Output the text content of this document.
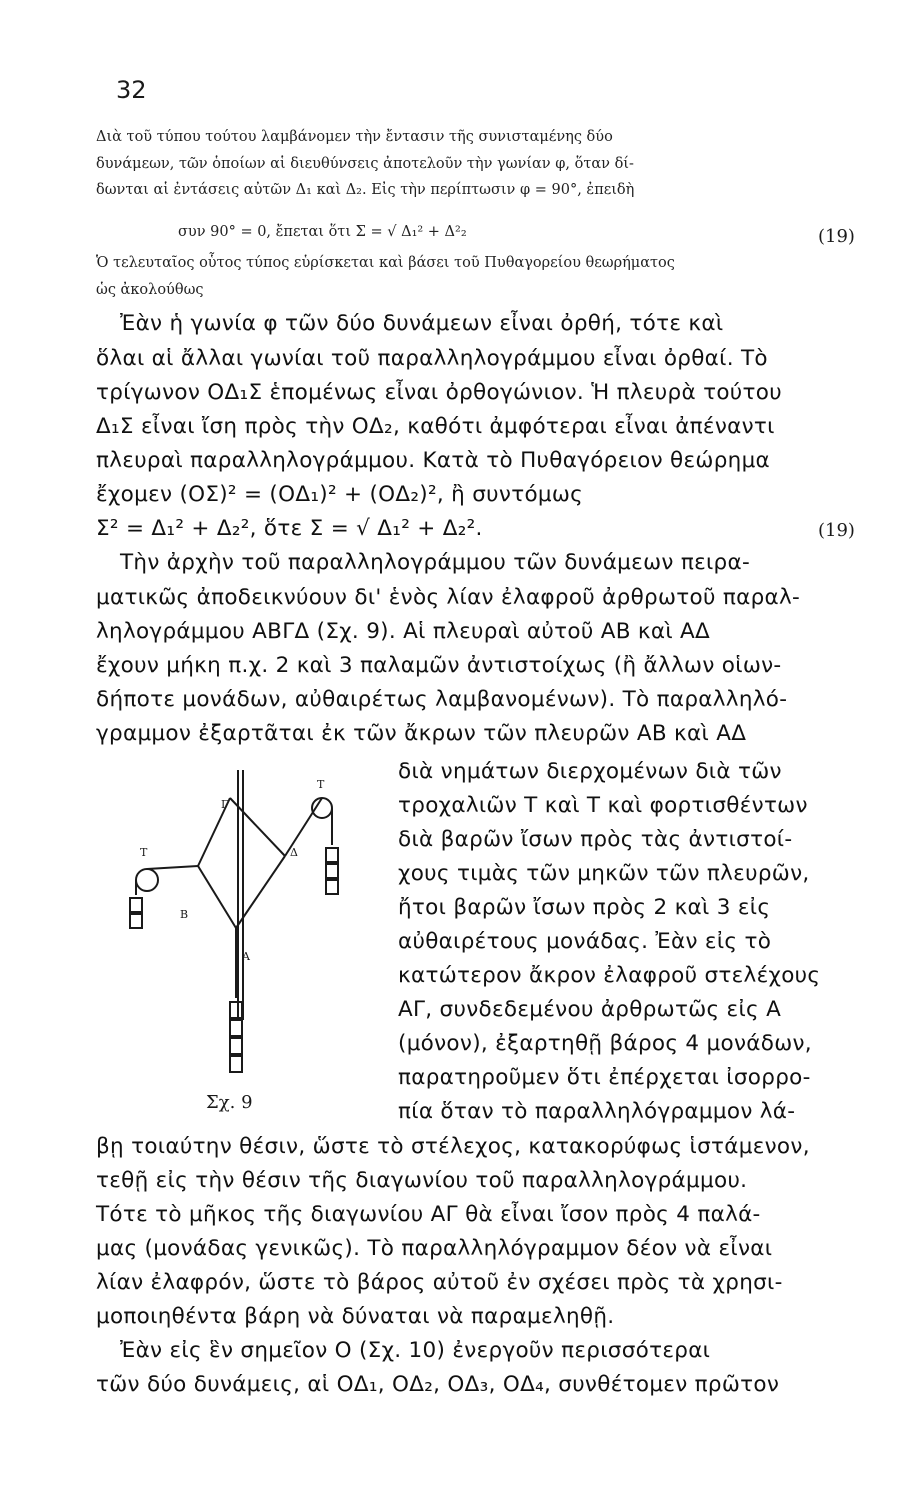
32
Διὰ τοῦ τύπου τούτου λαμβάνομεν τὴν ἔντασιν τῆς συνισταμένης δύο
δυνάμεων, τῶν ὁποίων αἱ διευθύνσεις ἀποτελοῦν τὴν γωνίαν φ, ὅταν δί-
δωνται αἱ ἐντάσεις αὐτῶν Δ₁ καὶ Δ₂. Εἰς τὴν περίπτωσιν φ = 90°, ἐπειδὴ
συν 90° = 0, ἔπεται ὅτι Σ = √ Δ₁² + Δ²₂	(19)
Ὁ τελευταῖος οὗτος τύπος εὑρίσκεται καὶ βάσει τοῦ Πυθαγορείου θεωρήματος
ὡς ἀκολούθως
Ἐὰν ἡ γωνία φ τῶν δύο δυνάμεων εἶναι ὀρθή, τότε καὶ
ὅλαι αἱ ἄλλαι γωνίαι τοῦ παραλληλογράμμου εἶναι ὀρθαί. Τὸ
τρίγωνον ΟΔ₁Σ ἑπομένως εἶναι ὀρθογώνιον. Ἡ πλευρὰ τούτου
Δ₁Σ εἶναι ἴση πρὸς τὴν ΟΔ₂, καθότι ἀμφότεραι εἶναι ἀπέναντι
πλευραὶ παραλληλογράμμου. Κατὰ τὸ Πυθαγόρειον θεώρημα
ἔχομεν (ΟΣ)² = (ΟΔ₁)² + (ΟΔ₂)², ἢ συντόμως
Σ² = Δ₁² + Δ₂², ὅτε Σ = √ Δ₁² + Δ₂².	(19)
Τὴν ἀρχὴν τοῦ παραλληλογράμμου τῶν δυνάμεων πειρα-
ματικῶς ἀποδεικνύουν δι' ἑνὸς λίαν ἐλαφροῦ ἀρθρωτοῦ παραλ-
ληλογράμμου ΑΒΓΔ (Σχ. 9). Αἱ πλευραὶ αὐτοῦ ΑΒ καὶ ΑΔ
ἔχουν μήκη π.χ. 2 καὶ 3 παλαμῶν ἀντιστοίχως (ἢ ἄλλων οἱων-
δήποτε μονάδων, αὐθαιρέτως λαμβανομένων). Τὸ παραλληλό-
γραμμον ἐξαρτᾶται ἐκ τῶν ἄκρων τῶν πλευρῶν ΑΒ καὶ ΑΔ
διὰ νημάτων διερχομένων διὰ τῶν
τροχαλιῶν Τ καὶ Τ καὶ φορτισθέντων
διὰ βαρῶν ἴσων πρὸς τὰς ἀντιστοί-
χους τιμὰς τῶν μηκῶν τῶν πλευρῶν,
ἤτοι βαρῶν ἴσων πρὸς 2 καὶ 3 εἰς
αὐθαιρέτους μονάδας. Ἐὰν εἰς τὸ
κατώτερον ἄκρον ἐλαφροῦ στελέχους
ΑΓ, συνδεδεμένου ἀρθρωτῶς εἰς Α
(μόνον), ἐξαρτηθῇ βάρος 4 μονάδων,
παρατηροῦμεν ὅτι ἐπέρχεται ἰσορρο-
πία ὅταν τὸ παραλληλόγραμμον λά-
Τ
Τ
Γ
Δ
Β
Α
Σχ. 9
βῃ τοιαύτην θέσιν, ὥστε τὸ στέλεχος, κατακορύφως ἱστάμενον,
τεθῇ εἰς τὴν θέσιν τῆς διαγωνίου τοῦ παραλληλογράμμου.
Τότε τὸ μῆκος τῆς διαγωνίου ΑΓ θὰ εἶναι ἴσον πρὸς 4 παλά-
μας (μονάδας γενικῶς). Τὸ παραλληλόγραμμον δέον νὰ εἶναι
λίαν ἐλαφρόν, ὥστε τὸ βάρος αὐτοῦ ἐν σχέσει πρὸς τὰ χρησι-
μοποιηθέντα βάρη νὰ δύναται νὰ παραμεληθῇ.
Ἐὰν εἰς ἓν σημεῖον Ο (Σχ. 10) ἐνεργοῦν περισσότεραι
τῶν δύο δυνάμεις, αἱ ΟΔ₁, ΟΔ₂, ΟΔ₃, ΟΔ₄, συνθέτομεν πρῶτον
